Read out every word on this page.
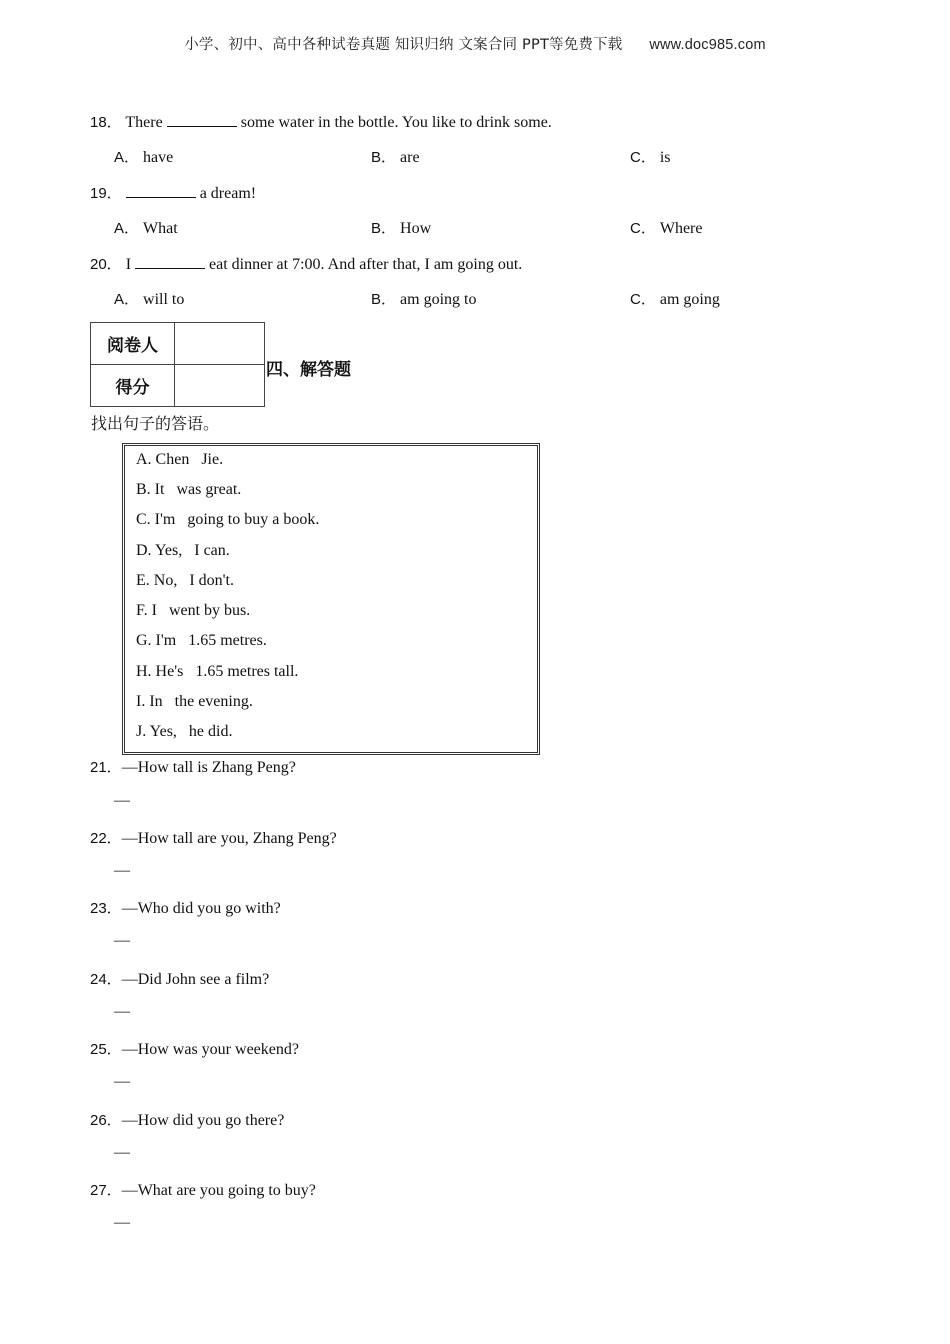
小学、初中、高中各种试卷真题 知识归纳 文案合同 PPT等免费下载 www.doc985.com
18． There	some water in the bottle. You like to drink some.
A． have	B． are	C． is
19．	a dream!
A． What	B． How	C． Where
20． I	eat dinner at 7:00. And after that, I am going out.
A． will to	B． am going to	C． am going
阅卷人	
得分	
四、解答题
找出句子的答语。
A. Chen   Jie.
B. It   was great.
C. I'm   going to buy a book.
D. Yes,   I can.
E. No,   I don't.
F. I   went by bus.
G. I'm   1.65 metres.
H. He's   1.65 metres tall.
I. In   the evening.
J. Yes,   he did.
21．—How tall is Zhang Peng?
—
22．—How tall are you, Zhang Peng?
—
23．—Who did you go with?
—
24．—Did John see a film?
—
25．—How was your weekend?
—
26．—How did you go there?
—
27．—What are you going to buy?
—
